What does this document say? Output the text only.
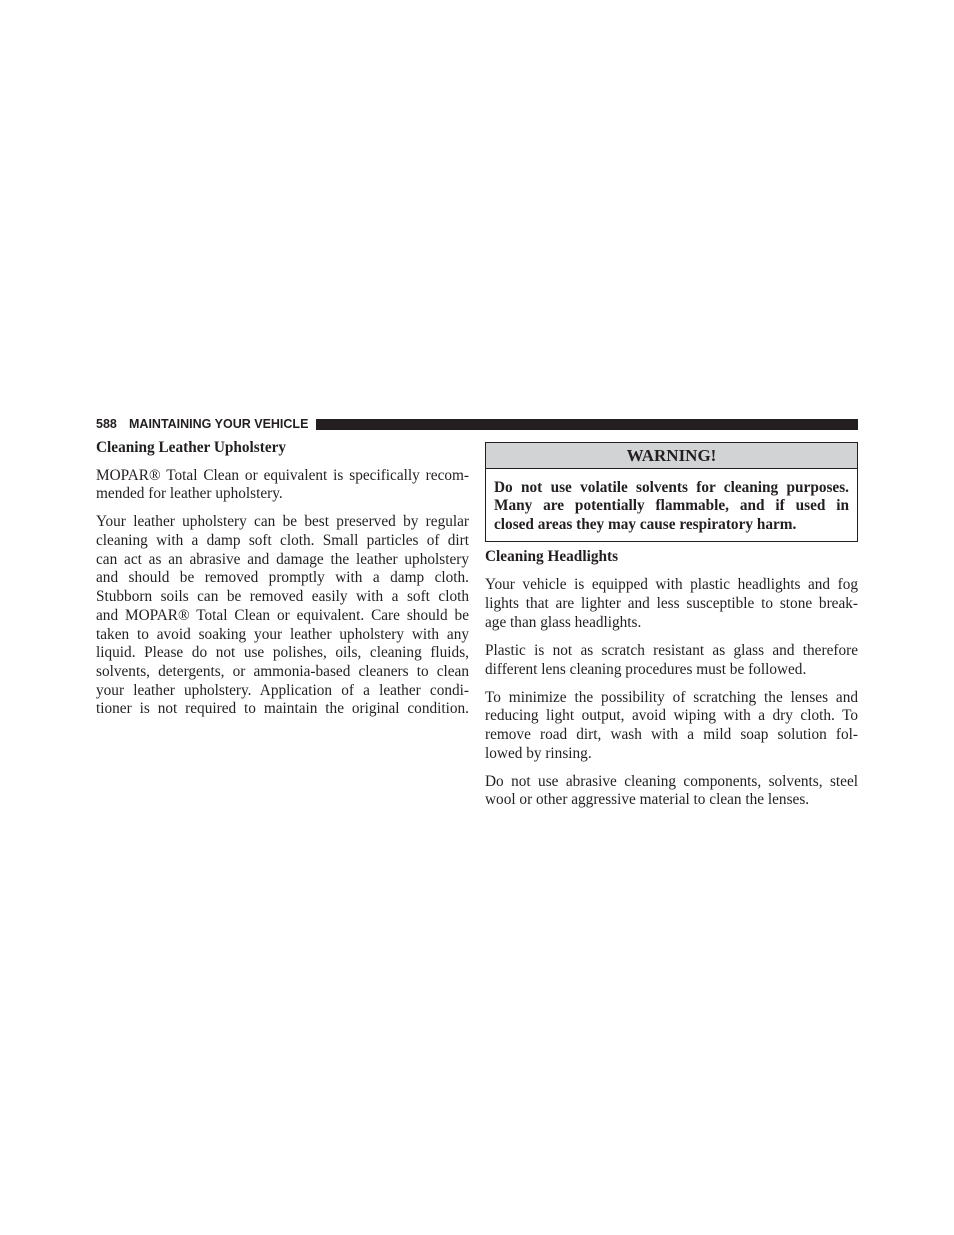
588 MAINTAINING YOUR VEHICLE
Cleaning Leather Upholstery
MOPAR® Total Clean or equivalent is specifically recom-
mended for leather upholstery.
Your leather upholstery can be best preserved by regular
cleaning with a damp soft cloth. Small particles of dirt
can act as an abrasive and damage the leather upholstery
and should be removed promptly with a damp cloth.
Stubborn soils can be removed easily with a soft cloth
and MOPAR® Total Clean or equivalent. Care should be
taken to avoid soaking your leather upholstery with any
liquid. Please do not use polishes, oils, cleaning fluids,
solvents, detergents, or ammonia-based cleaners to clean
your leather upholstery. Application of a leather condi-
tioner is not required to maintain the original condition.
WARNING!
Do not use volatile solvents for cleaning purposes.
Many are potentially flammable, and if used in
closed areas they may cause respiratory harm.
Cleaning Headlights
Your vehicle is equipped with plastic headlights and fog
lights that are lighter and less susceptible to stone break-
age than glass headlights.
Plastic is not as scratch resistant as glass and therefore
different lens cleaning procedures must be followed.
To minimize the possibility of scratching the lenses and
reducing light output, avoid wiping with a dry cloth. To
remove road dirt, wash with a mild soap solution fol-
lowed by rinsing.
Do not use abrasive cleaning components, solvents, steel
wool or other aggressive material to clean the lenses.
